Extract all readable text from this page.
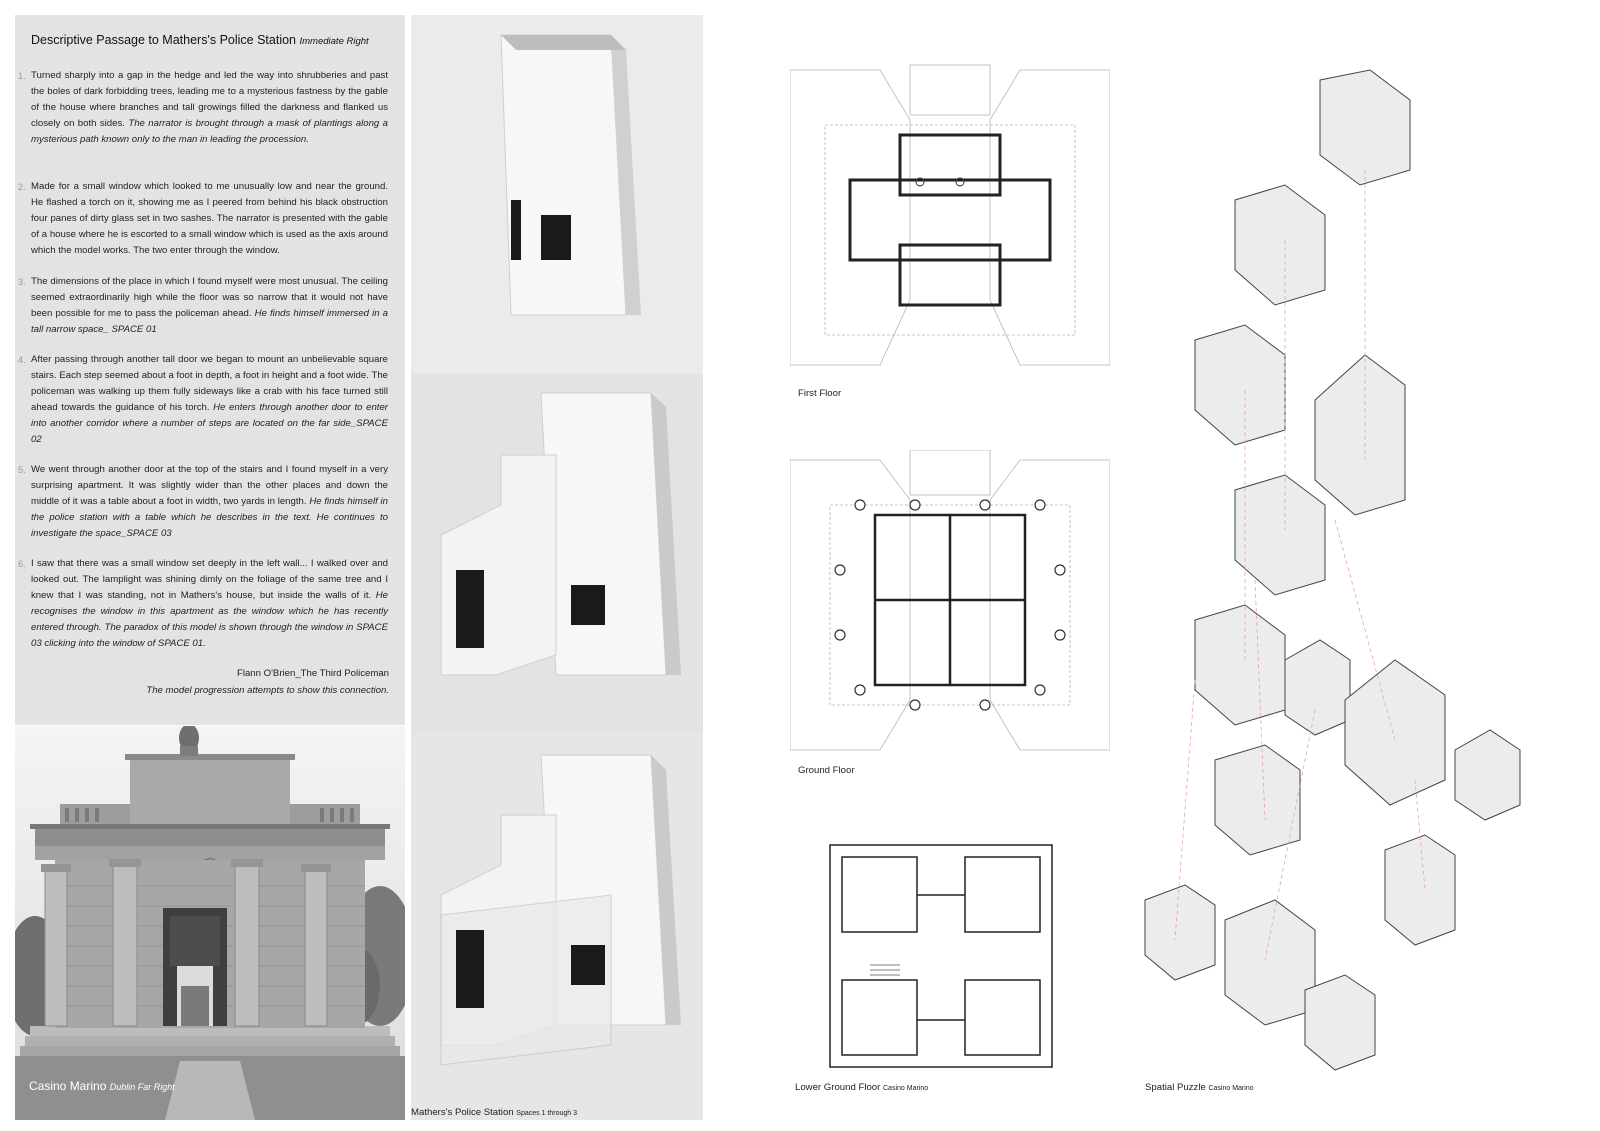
Descriptive Passage to Mathers's Police Station Immediate Right
1. Turned sharply into a gap in the hedge and led the way into shrubberies and past the boles of dark forbidding trees, leading me to a mysterious fastness by the gable of the house where branches and tall growings filled the darkness and flanked us closely on both sides. The narrator is brought through a mask of plantings along a mysterious path known only to the man in leading the procession.
2. Made for a small window which looked to me unusually low and near the ground. He flashed a torch on it, showing me as I peered from behind his black obstruction four panes of dirty glass set in two sashes. The narrator is presented with the gable of a house where he is escorted to a small window which is used as the axis around which the model works. The two enter through the window.
3. The dimensions of the place in which I found myself were most unusual. The ceiling seemed extraordinarily high while the floor was so narrow that it would not have been possible for me to pass the policeman ahead. He finds himself immersed in a tall narrow space_ SPACE 01
4. After passing through another tall door we began to mount an unbelievable square stairs. Each step seemed about a foot in depth, a foot in height and a foot wide. The policeman was walking up them fully sideways like a crab with his face turned still ahead towards the guidance of his torch. He enters through another door to enter into another corridor where a number of steps are located on the far side_SPACE 02
5. We went through another door at the top of the stairs and I found myself in a very surprising apartment. It was slightly wider than the other places and down the middle of it was a table about a foot in width, two yards in length. He finds himself in the police station with a table which he describes in the text. He continues to investigate the space_SPACE 03
6. I saw that there was a small window set deeply in the left wall... I walked over and looked out. The lamplight was shining dimly on the foliage of the same tree and I knew that I was standing, not in Mathers's house, but inside the walls of it. He recognises the window in this apartment as the window which he has recently entered through. The paradox of this model is shown through the window in SPACE 03 clicking into the window of SPACE 01.
Flann O'Brien_The Third Policeman
The model progression attempts to show this connection.
Casino Marino Dublin Far Right
Mathers's Police Station Spaces 1 through 3
First Floor
Ground Floor
Lower Ground Floor Casino Marino	Spatial Puzzle Casino Marino
